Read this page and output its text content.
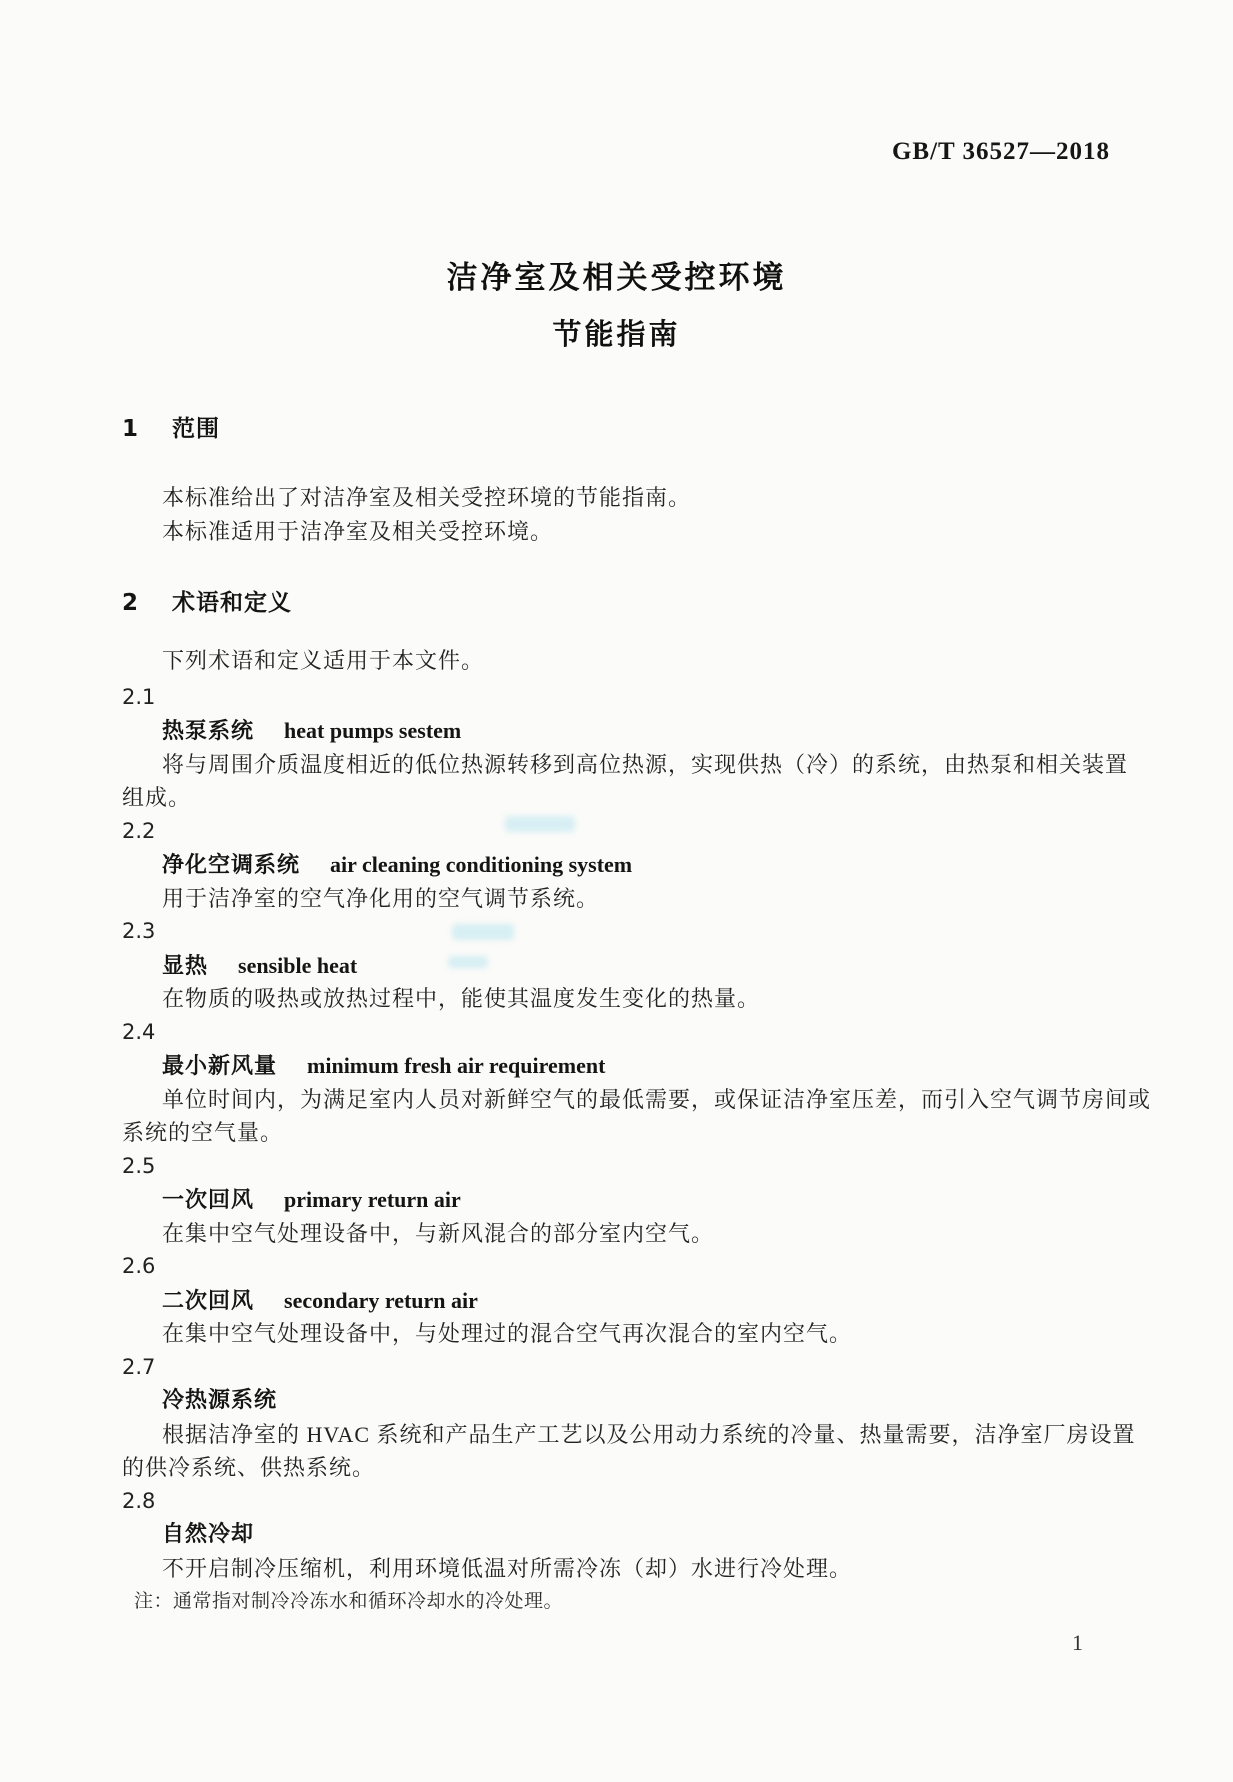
GB/T 36527—2018
洁净室及相关受控环境
节能指南
1 范围
本标准给出了对洁净室及相关受控环境的节能指南。
本标准适用于洁净室及相关受控环境。
2 术语和定义
下列术语和定义适用于本文件。
2.1
热泵系统 heat pumps sestem
将与周围介质温度相近的低位热源转移到高位热源，实现供热（冷）的系统，由热泵和相关装置
组成。
2.2
净化空调系统 air cleaning conditioning system
用于洁净室的空气净化用的空气调节系统。
2.3
显热 sensible heat
在物质的吸热或放热过程中，能使其温度发生变化的热量。
2.4
最小新风量 minimum fresh air requirement
单位时间内，为满足室内人员对新鲜空气的最低需要，或保证洁净室压差，而引入空气调节房间或
系统的空气量。
2.5
一次回风 primary return air
在集中空气处理设备中，与新风混合的部分室内空气。
2.6
二次回风 secondary return air
在集中空气处理设备中，与处理过的混合空气再次混合的室内空气。
2.7
冷热源系统
根据洁净室的 HVAC 系统和产品生产工艺以及公用动力系统的冷量、热量需要，洁净室厂房设置
的供冷系统、供热系统。
2.8
自然冷却
不开启制冷压缩机，利用环境低温对所需冷冻（却）水进行冷处理。
注：通常指对制冷冷冻水和循环冷却水的冷处理。
1
